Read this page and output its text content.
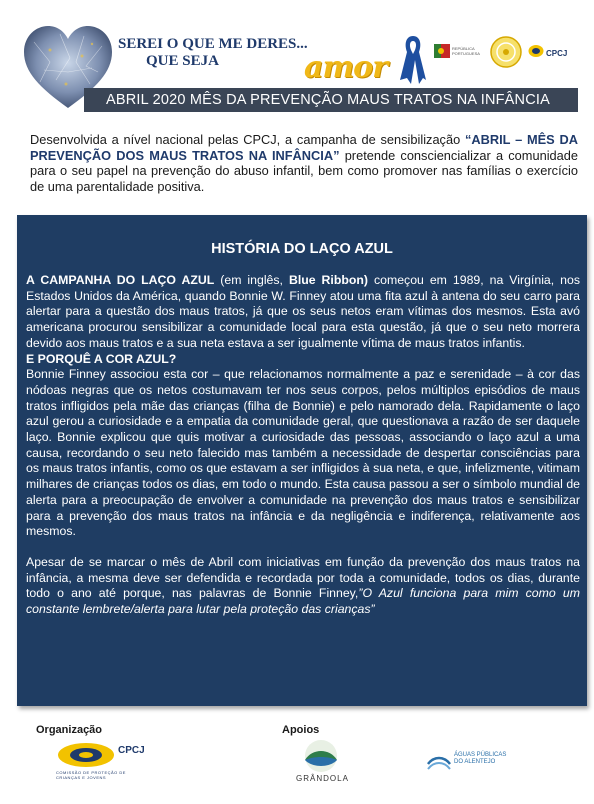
SEREI O QUE ME DERES...
QUE SEJA	amor
REPÚBLICA PORTUGUESA	CPCJ
ABRIL 2020 MÊS DA PREVENÇÃO MAUS TRATOS NA INFÂNCIA

Desenvolvida a nível nacional pelas CPCJ, a campanha de sensibilização “ABRIL – MÊS DA PREVENÇÃO DOS MAUS TRATOS NA INFÂNCIA” pretende consciencializar a comunidade para o seu papel na prevenção do abuso infantil, bem como promover nas famílias o exercício de uma parentalidade positiva.

HISTÓRIA DO LAÇO AZUL

A CAMPANHA DO LAÇO AZUL (em inglês, Blue Ribbon) começou em 1989, na Virgínia, nos Estados Unidos da América, quando Bonnie W. Finney atou uma fita azul à antena do seu carro para alertar para a questão dos maus tratos, já que os seus netos eram vítimas dos mesmos. Esta avó americana procurou sensibilizar a comunidade local para esta questão, já que o seu neto morrera devido aos maus tratos e a sua neta estava a ser igualmente vítima de maus tratos infantis.

E PORQUÊ A COR AZUL?

Bonnie Finney associou esta cor – que relacionamos normalmente a paz e serenidade – à cor das nódoas negras que os netos costumavam ter nos seus corpos, pelos múltiplos episódios de maus tratos infligidos pela mãe das crianças (filha de Bonnie) e pelo namorado dela. Rapidamente o laço azul gerou a curiosidade e a empatia da comunidade geral, que questionava a razão de ser daquele laço. Bonnie explicou que quis motivar a curiosidade das pessoas, associando o laço azul a uma causa, recordando o seu neto falecido mas também a necessidade de despertar consciências para os maus tratos infantis, como os que estavam a ser infligidos à sua neta, e que, infelizmente, vitimam milhares de crianças todos os dias, em todo o mundo. Esta causa passou a ser o símbolo mundial de alerta para a preocupação de envolver a comunidade na prevenção dos maus tratos e sensibilizar para a prevenção dos maus tratos na infância e da negligência e indiferença, relativamente aos mesmos.

Apesar de se marcar o mês de Abril com iniciativas em função da prevenção dos maus tratos na infância, a mesma deve ser defendida e recordada por toda a comunidade, todos os dias, durante todo o ano até porque, nas palavras de Bonnie Finney,”O Azul funciona para mim como um constante lembrete/alerta para lutar pela proteção das crianças”

Organização	Apoios
CPCJ
COMISSÃO DE PROTEÇÃO DE CRIANÇAS E JOVENS	GRÂNDOLA
ÁGUAS PÚBLICAS
DO ALENTEJO
